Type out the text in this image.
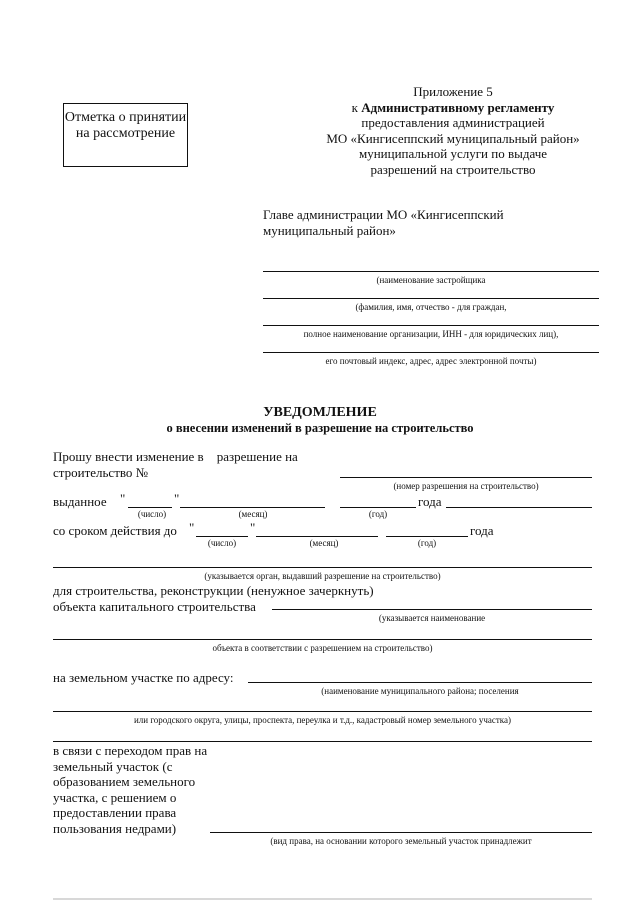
Отметка о принятии на рассмотрение
Приложение 5
к Административному регламенту
предоставления администрацией
МО «Кингисеппский муниципальный район»
муниципальной услуги по выдаче
разрешений на строительство
Главе администрации МО «Кингисеппский
муниципальный район»
(наименование застройщика
(фамилия, имя, отчество - для граждан,
полное наименование организации, ИНН - для юридических лиц),
его почтовый индекс, адрес, адрес электронной почты)
УВЕДОМЛЕНИЕ
о внесении изменений в разрешение на строительство
Прошу внести изменение в    разрешение на
строительство №
(номер разрешения на строительство)
выданное "	"	года
(число)	(месяц)	(год)
со сроком действия до "	"	года
(число)	(месяц)	(год)
(указывается орган, выдавший разрешение на строительство)
для строительства, реконструкции (ненужное зачеркнуть)
объекта капитального строительства
(указывается наименование
объекта в соответствии с разрешением на строительство)
на земельном участке по адресу:
(наименование муниципального района; поселения
или городского округа, улицы, проспекта, переулка и т.д., кадастровый номер земельного участка)
в связи с переходом прав на
земельный участок (с
образованием земельного
участка, с решением о
предоставлении права
пользования недрами)
(вид права, на основании которого земельный участок принадлежит
